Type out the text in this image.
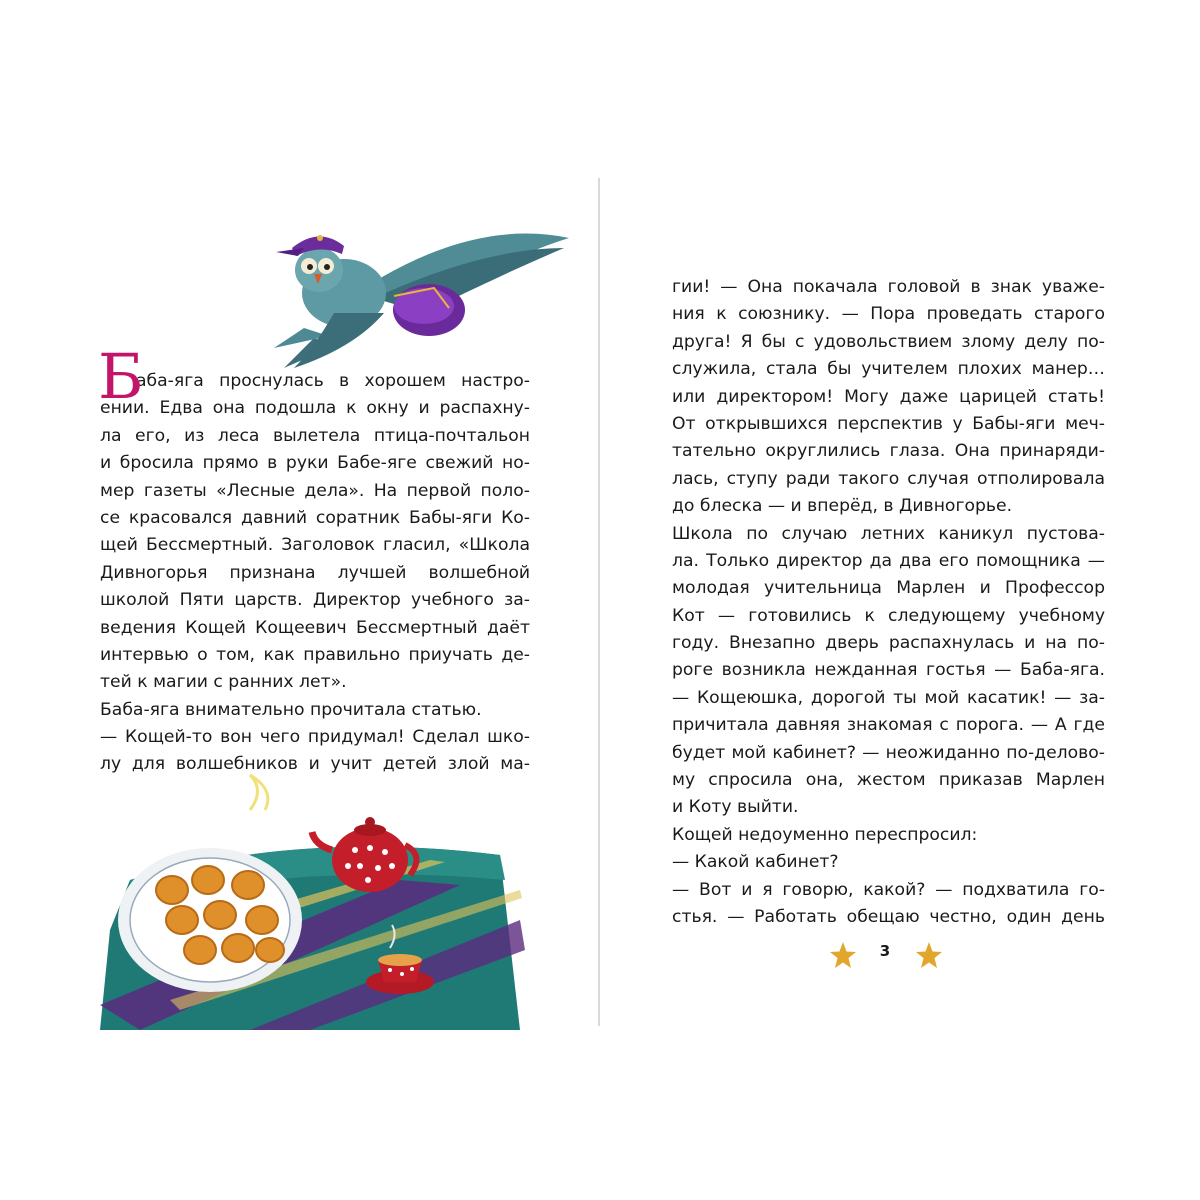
Б
аба-яга проснулась в хорошем настро-
ении. Едва она подошла к окну и распахну-
ла его, из леса вылетела птица-почтальон
и бросила прямо в руки Бабе-яге свежий но-
мер газеты «Лесные дела». На первой поло-
се красовался давний соратник Бабы-яги Ко-
щей Бессмертный. Заголовок гласил, «Школа
Дивногорья признана лучшей волшебной
школой Пяти царств. Директор учебного за-
ведения Кощей Кощеевич Бессмертный даёт
интервью о том, как правильно приучать де-
тей к магии с ранних лет».
Баба-яга внимательно прочитала статью.
— Кощей-то вон чего придумал! Сделал шко-
лу для волшебников и учит детей злой ма-
гии! — Она покачала головой в знак уваже-
ния к союзнику. — Пора проведать старого
друга! Я бы с удовольствием злому делу по-
служила, стала бы учителем плохих манер…
или директором! Могу даже царицей стать!
От открывшихся перспектив у Бабы-яги меч-
тательно округлились глаза. Она принаряди-
лась, ступу ради такого случая отполировала
до блеска — и вперёд, в Дивногорье.
Школа по случаю летних каникул пустова-
ла. Только директор да два его помощника —
молодая учительница Марлен и Профессор
Кот — готовились к следующему учебному
году. Внезапно дверь распахнулась и на по-
роге возникла нежданная гостья — Баба-яга.
— Кощеюшка, дорогой ты мой касатик! — за-
причитала давняя знакомая с порога. — А где
будет мой кабинет? — неожиданно по-делово-
му спросила она, жестом приказав Марлен
и Коту выйти.
Кощей недоуменно переспросил:
— Какой кабинет?
— Вот и я говорю, какой? — подхватила го-
стья. — Работать обещаю честно, один день
3
